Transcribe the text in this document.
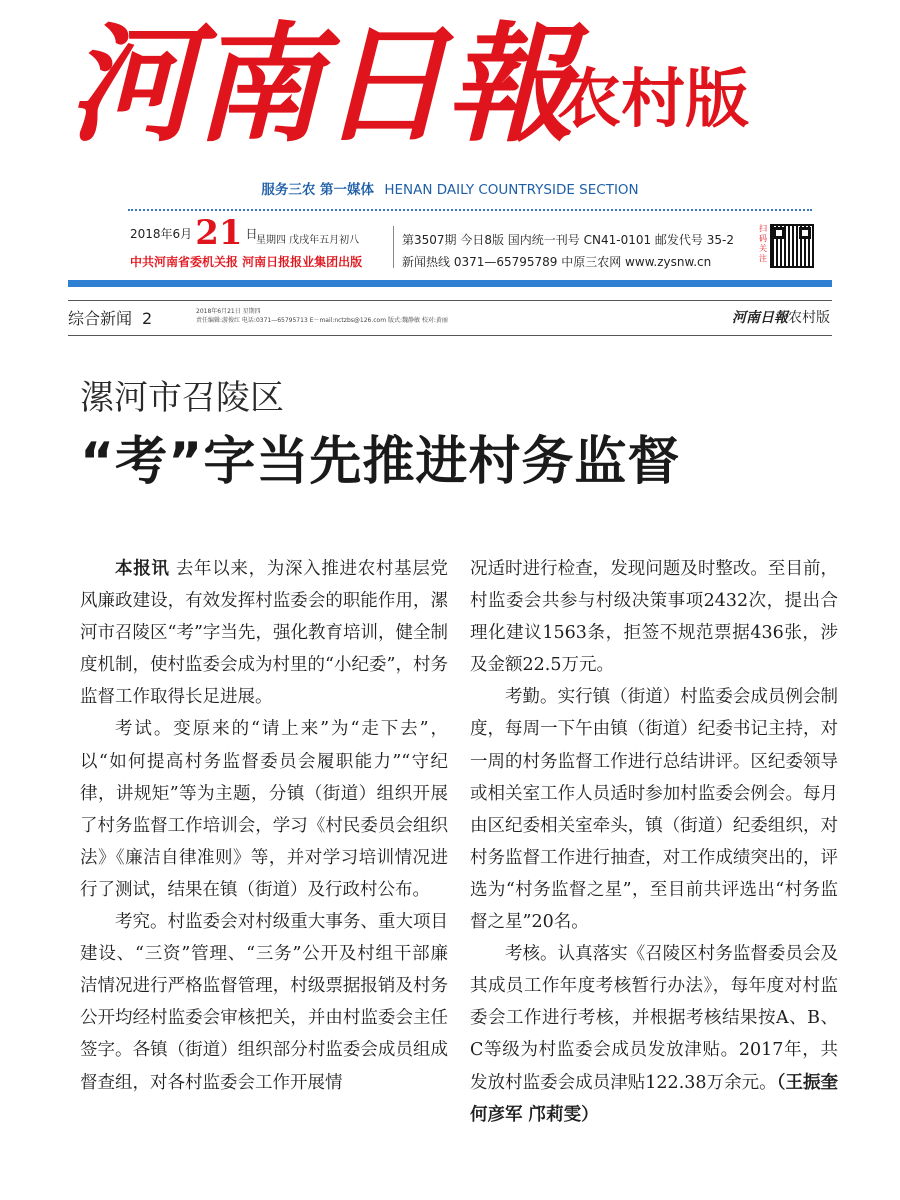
河南日報
农村版
服务三农 第一媒体 HENAN DAILY COUNTRYSIDE SECTION
2018年6月21 日
星期四 戊戌年五月初八	第3507期 今日8版 国内统一刊号 CN41-0101 邮发代号 35-2
中共河南省委机关报 河南日报报业集团出版	新闻热线 0371—65795789 中原三农网 www.zysnw.cn
扫码关注
综合新闻 2	2018年6月21日 星期四
责任编辑:游俊红 电话:0371—65795713 E－mail:nctzbs@126.com 版式:魏静敏 校对:黄丽	河南日報农村版
漯河市召陵区
“考”字当先推进村务监督

本报讯 去年以来，为深入推进农村基层党风廉政建设，有效发挥村监委会的职能作用，漯河市召陵区“考”字当先，强化教育培训，健全制度机制，使村监委会成为村里的“小纪委”，村务监督工作取得长足进展。

考试。变原来的“请上来”为“走下去”，以“如何提高村务监督委员会履职能力”“守纪律，讲规矩”等为主题，分镇（街道）组织开展了村务监督工作培训会，学习《村民委员会组织法》《廉洁自律准则》等，并对学习培训情况进行了测试，结果在镇（街道）及行政村公布。

考究。村监委会对村级重大事务、重大项目建设、“三资”管理、“三务”公开及村组干部廉洁情况进行严格监督管理，村级票据报销及村务公开均经村监委会审核把关，并由村监委会主任签字。各镇（街道）组织部分村监委会成员组成督查组，对各村监委会工作开展情

况适时进行检查，发现问题及时整改。至目前，村监委会共参与村级决策事项2432次，提出合理化建议1563条，拒签不规范票据436张，涉及金额22.5万元。

考勤。实行镇（街道）村监委会成员例会制度，每周一下午由镇（街道）纪委书记主持，对一周的村务监督工作进行总结讲评。区纪委领导或相关室工作人员适时参加村监委会例会。每月由区纪委相关室牵头，镇（街道）纪委组织，对村务监督工作进行抽查，对工作成绩突出的，评选为“村务监督之星”，至目前共评选出“村务监督之星”20名。

考核。认真落实《召陵区村务监督委员会及其成员工作年度考核暂行办法》，每年度对村监委会工作进行考核，并根据考核结果按A、B、C等级为村监委会成员发放津贴。2017年，共发放村监委会成员津贴122.38万余元。（王振奎 何彦军 邝莉雯）
